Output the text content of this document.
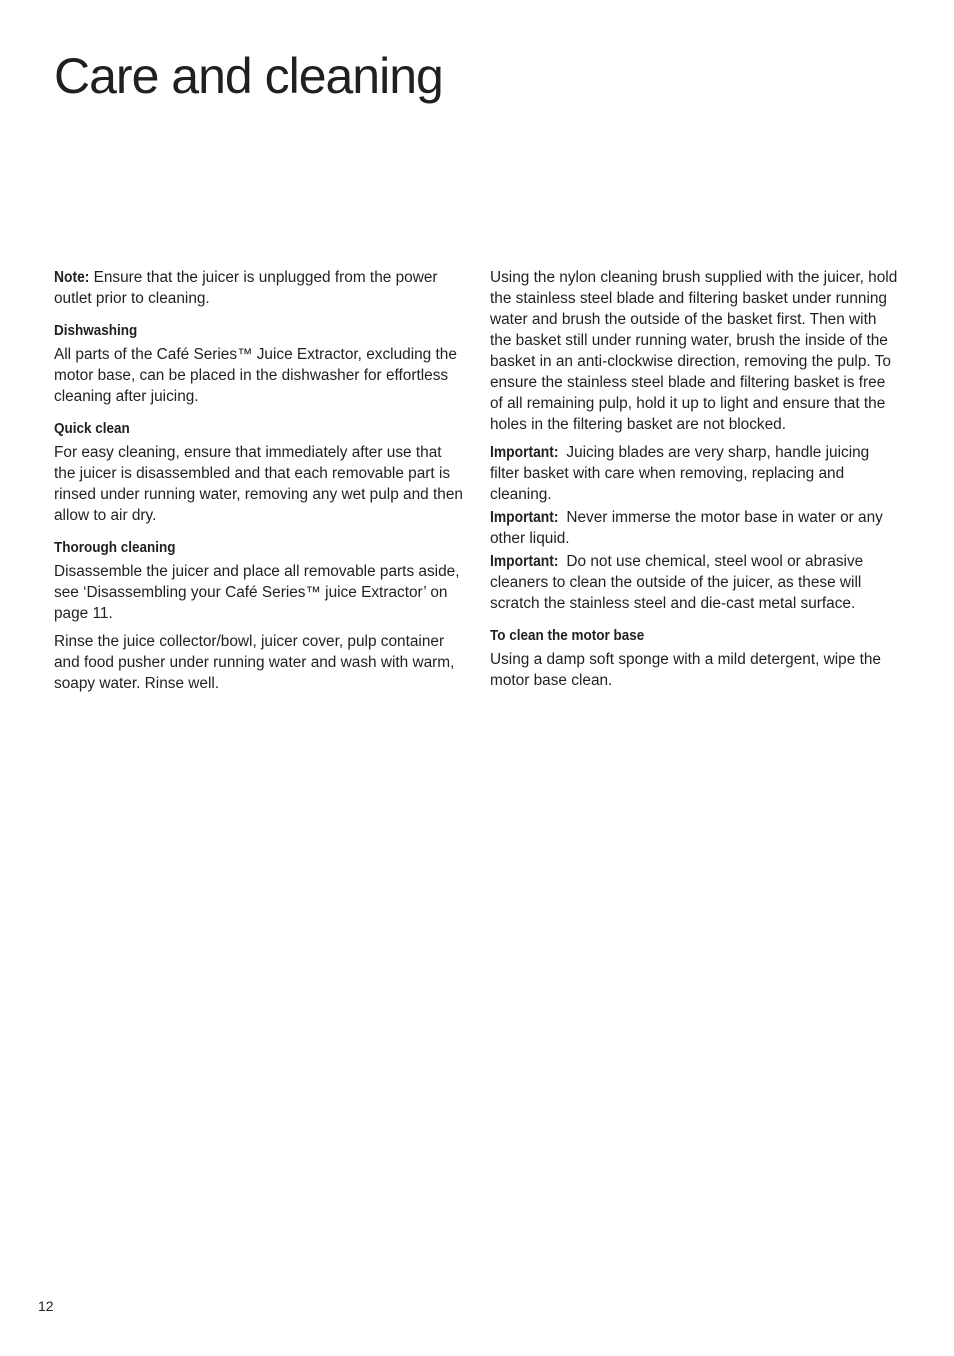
Care and cleaning

Note: Ensure that the juicer is unplugged from the power outlet prior to cleaning.

Dishwashing

All parts of the Café Series™ Juice Extractor, excluding the motor base, can be placed in the dishwasher for effortless cleaning after juicing.

Quick clean

For easy cleaning, ensure that immediately after use that the juicer is disassembled and that each removable part is rinsed under running water, removing any wet pulp and then allow to air dry.

Thorough cleaning

Disassemble the juicer and place all removable parts aside, see ‘Disassembling your Café Series™ juice Extractor’ on page 11.

Rinse the juice collector/bowl, juicer cover, pulp container and food pusher under running water and wash with warm, soapy water. Rinse well.

Using the nylon cleaning brush supplied with the juicer, hold the stainless steel blade and filtering basket under running water and brush the outside of the basket first. Then with the basket still under running water, brush the inside of the basket in an anti-clockwise direction, removing the pulp. To ensure the stainless steel blade and filtering basket is free of all remaining pulp, hold it up to light and ensure that the holes in the filtering basket are not blocked.

Important: Juicing blades are very sharp, handle juicing filter basket with care when removing, replacing and cleaning.

Important: Never immerse the motor base in water or any other liquid.

Important: Do not use chemical, steel wool or abrasive cleaners to clean the outside of the juicer, as these will scratch the stainless steel and die-cast metal surface.

To clean the motor base

Using a damp soft sponge with a mild detergent, wipe the motor base clean.

12
